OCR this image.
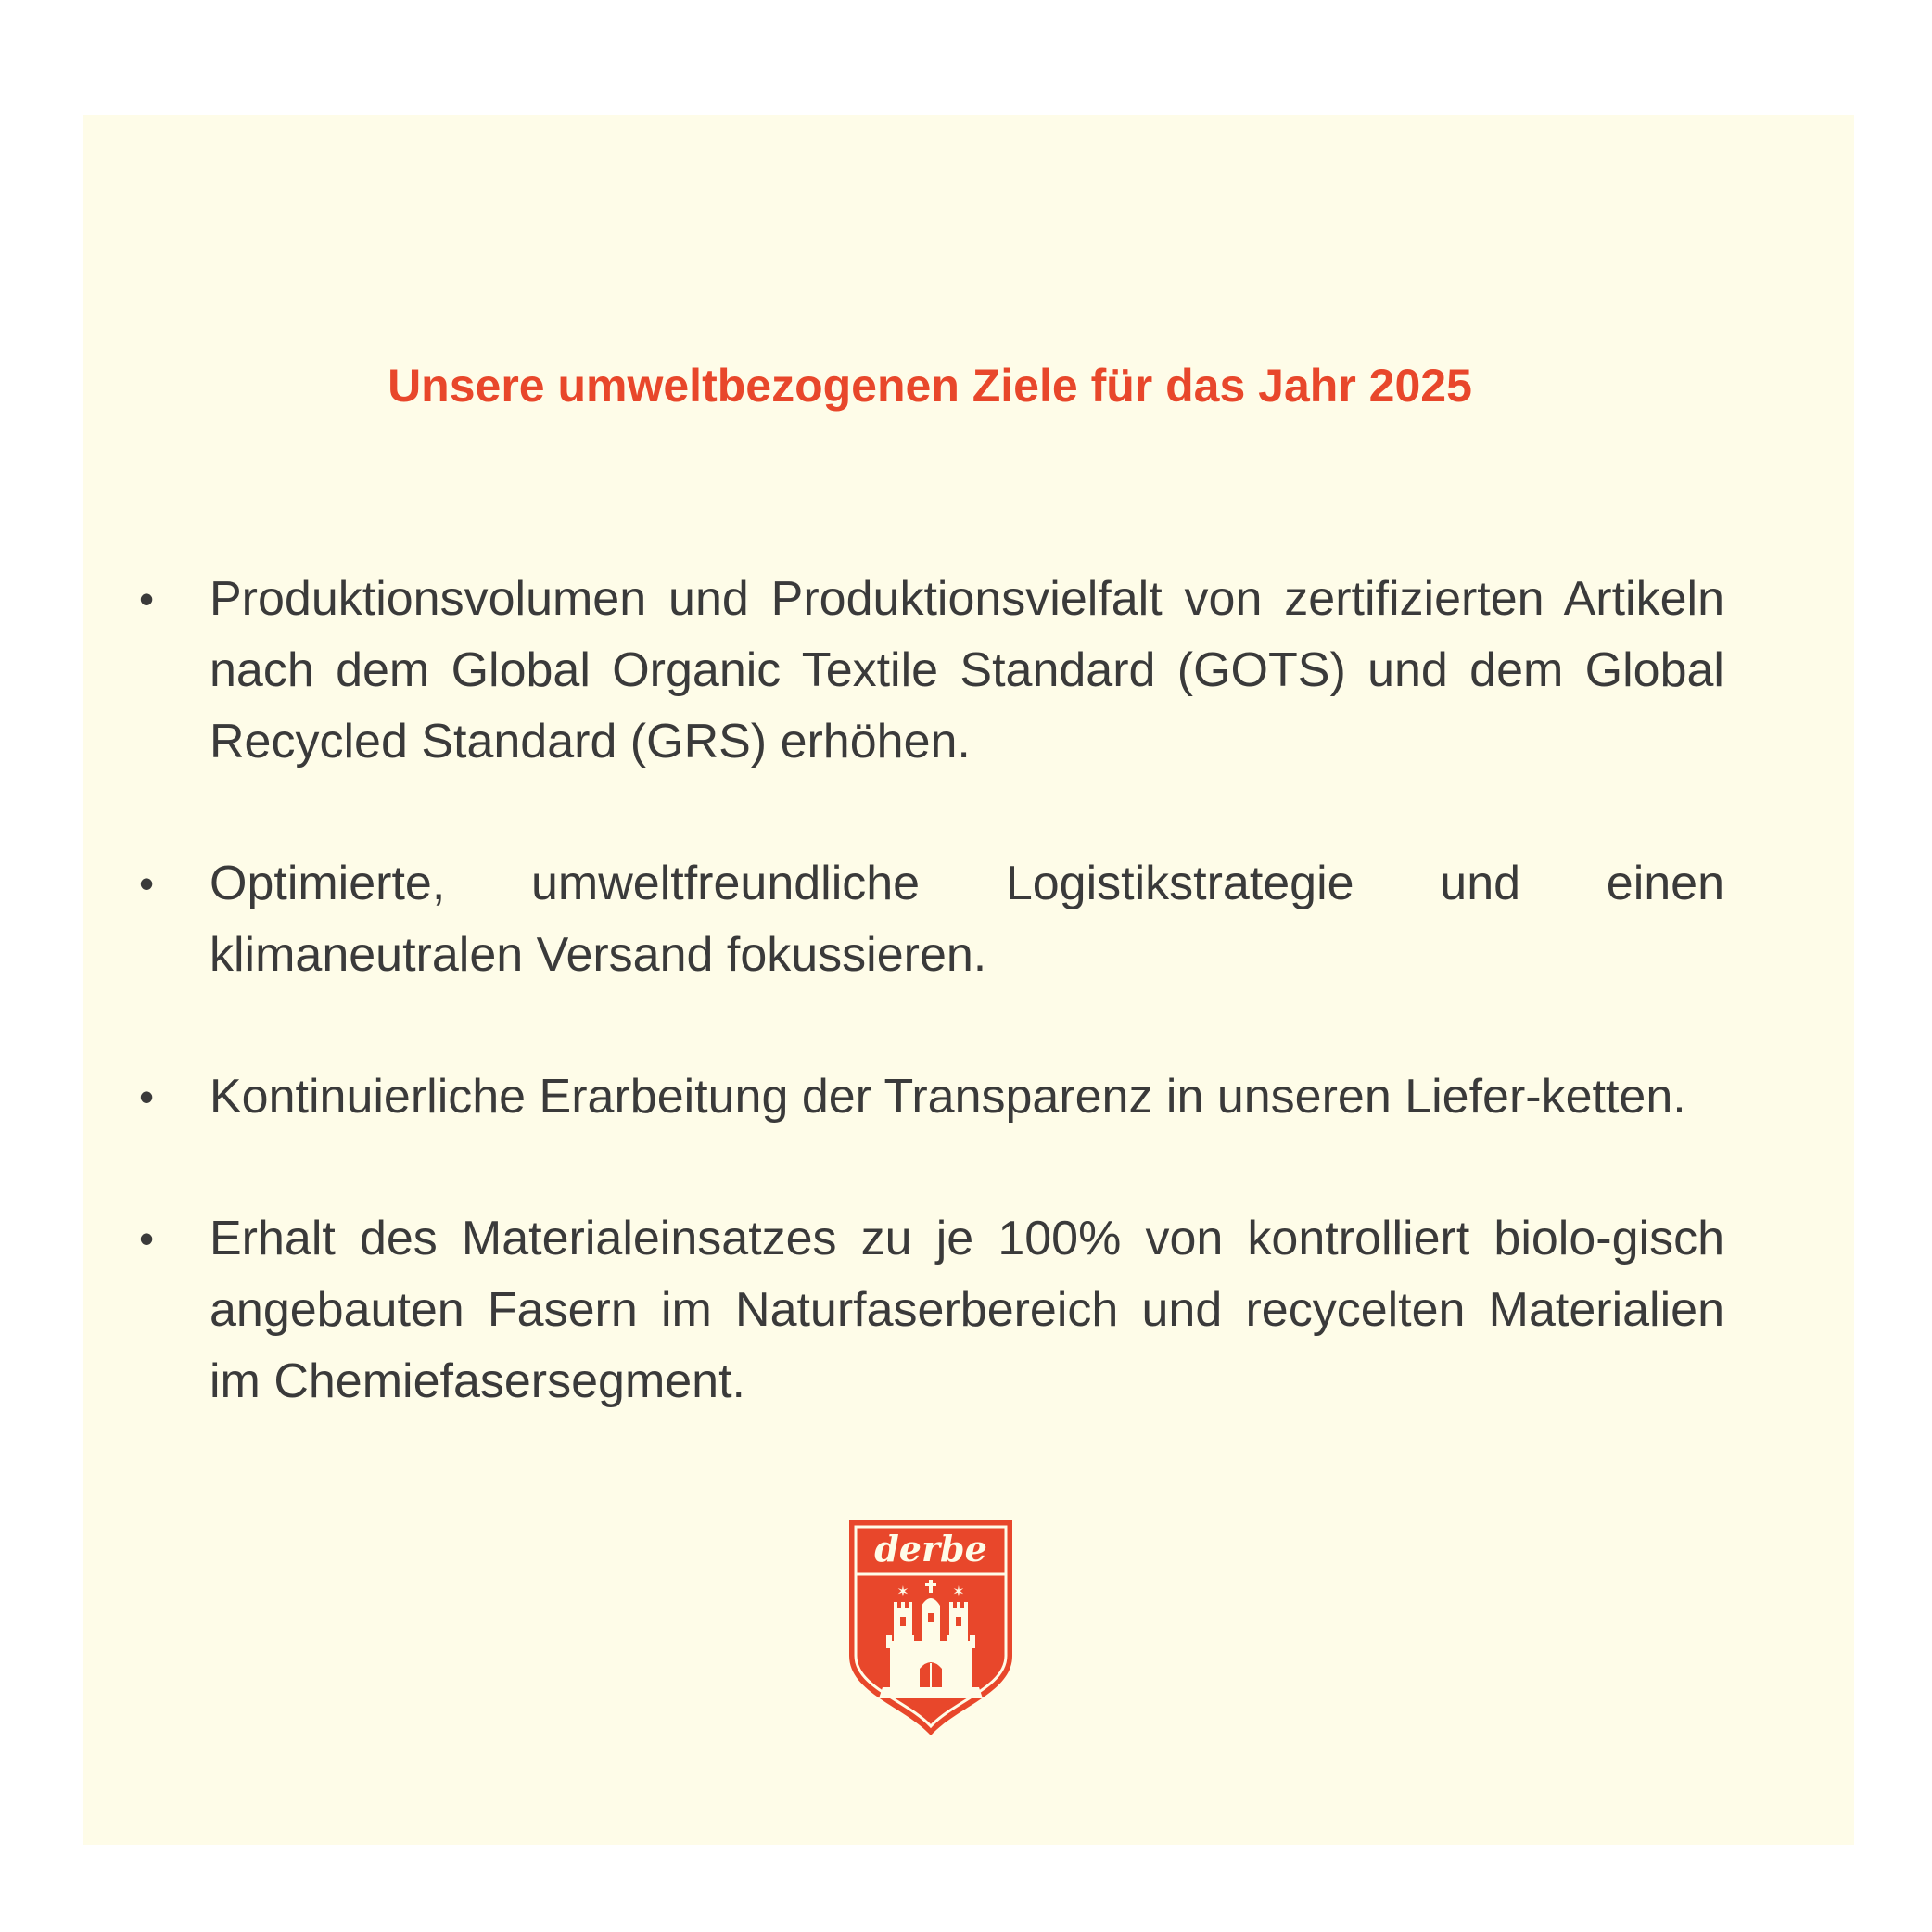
Unsere umweltbezogenen Ziele für das Jahr 2025
• Produktionsvolumen und Produktionsvielfalt von zertifizierten Artikeln nach dem Global Organic Textile Standard (GOTS) und dem Global Recycled Standard (GRS) erhöhen.
• Optimierte, umweltfreundliche Logistikstrategie und einen klimaneutralen Versand fokussieren.
• Kontinuierliche Erarbeitung der Transparenz in unseren Liefer-ketten.
• Erhalt des Materialeinsatzes zu je 100% von kontrolliert biolo-gisch angebauten Fasern im Naturfaserbereich und recycelten Materialien im Chemiefasersegment.
derbe
✶	✶
